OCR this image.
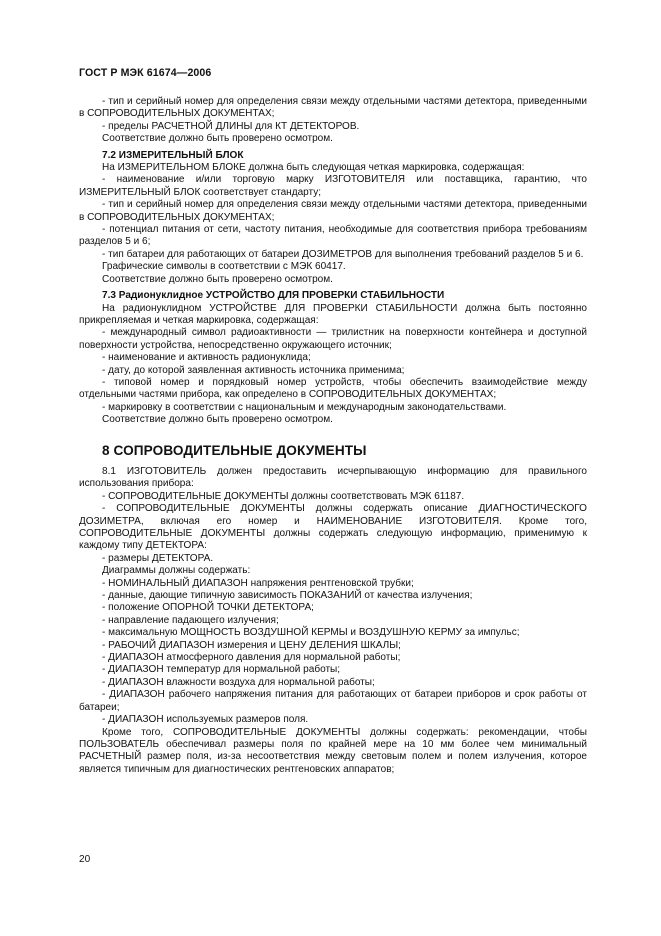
ГОСТ Р МЭК 61674—2006

- тип и серийный номер для определения связи между отдельными частями детектора, приведенными в СОПРОВОДИТЕЛЬНЫХ ДОКУМЕНТАХ;

- пределы РАСЧЕТНОЙ ДЛИНЫ для КТ ДЕТЕКТОРОВ.

Соответствие должно быть проверено осмотром.

7.2 ИЗМЕРИТЕЛЬНЫЙ БЛОК

На ИЗМЕРИТЕЛЬНОМ БЛОКЕ должна быть следующая четкая маркировка, содержащая:

- наименование и/или торговую марку ИЗГОТОВИТЕЛЯ или поставщика, гарантию, что ИЗМЕРИТЕЛЬНЫЙ БЛОК соответствует стандарту;

- тип и серийный номер для определения связи между отдельными частями детектора, приведенными в СОПРОВОДИТЕЛЬНЫХ ДОКУМЕНТАХ;

- потенциал питания от сети, частоту питания, необходимые для соответствия прибора требованиям разделов 5 и 6;

- тип батареи для работающих от батареи ДОЗИМЕТРОВ для выполнения требований разделов 5 и 6.

Графические символы в соответствии с МЭК 60417.

Соответствие должно быть проверено осмотром.

7.3 Радионуклидное УСТРОЙСТВО ДЛЯ ПРОВЕРКИ СТАБИЛЬНОСТИ

На радионуклидном УСТРОЙСТВЕ ДЛЯ ПРОВЕРКИ СТАБИЛЬНОСТИ должна быть постоянно прикрепляемая и четкая маркировка, содержащая:

- международный символ радиоактивности — трилистник на поверхности контейнера и доступной поверхности устройства, непосредственно окружающего источник;

- наименование и активность радионуклида;

- дату, до которой заявленная активность источника применима;

- типовой номер и порядковый номер устройств, чтобы обеспечить взаимодействие между отдельными частями прибора, как определено в СОПРОВОДИТЕЛЬНЫХ ДОКУМЕНТАХ;

- маркировку в соответствии с национальным и международным законодательствами.

Соответствие должно быть проверено осмотром.

8 СОПРОВОДИТЕЛЬНЫЕ ДОКУМЕНТЫ

8.1 ИЗГОТОВИТЕЛЬ должен предоставить исчерпывающую информацию для правильного использования прибора:

- СОПРОВОДИТЕЛЬНЫЕ ДОКУМЕНТЫ должны соответствовать МЭК 61187.

- СОПРОВОДИТЕЛЬНЫЕ ДОКУМЕНТЫ должны содержать описание ДИАГНОСТИЧЕСКОГО ДОЗИМЕТРА, включая его номер и НАИМЕНОВАНИЕ ИЗГОТОВИТЕЛЯ. Кроме того, СОПРОВОДИТЕЛЬНЫЕ ДОКУМЕНТЫ должны содержать следующую информацию, применимую к каждому типу ДЕТЕКТОРА:

- размеры ДЕТЕКТОРА.

Диаграммы должны содержать:

- НОМИНАЛЬНЫЙ ДИАПАЗОН напряжения рентгеновской трубки;

- данные, дающие типичную зависимость ПОКАЗАНИЙ от качества излучения;

- положение ОПОРНОЙ ТОЧКИ ДЕТЕКТОРА;

- направление падающего излучения;

- максимальную МОЩНОСТЬ ВОЗДУШНОЙ КЕРМЫ и ВОЗДУШНУЮ КЕРМУ за импульс;

- РАБОЧИЙ ДИАПАЗОН измерения и ЦЕНУ ДЕЛЕНИЯ ШКАЛЫ;

- ДИАПАЗОН атмосферного давления для нормальной работы;

- ДИАПАЗОН температур для нормальной работы;

- ДИАПАЗОН влажности воздуха для нормальной работы;

- ДИАПАЗОН рабочего напряжения питания для работающих от батареи приборов и срок работы от батареи;

- ДИАПАЗОН используемых размеров поля.

Кроме того, СОПРОВОДИТЕЛЬНЫЕ ДОКУМЕНТЫ должны содержать: рекомендации, чтобы ПОЛЬЗОВАТЕЛЬ обеспечивал размеры поля по крайней мере на 10 мм более чем минимальный РАСЧЕТНЫЙ размер поля, из-за несоответствия между световым полем и полем излучения, которое является типичным для диагностических рентгеновских аппаратов;

20
